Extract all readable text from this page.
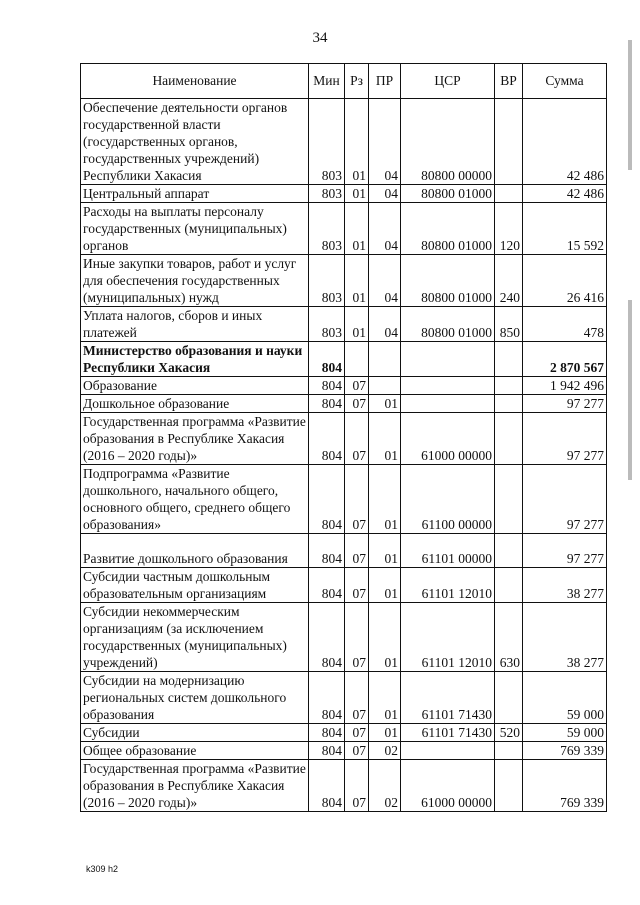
34
Наименование	Мин	Рз	ПР	ЦСР	ВР	Сумма
Обеспечение деятельности органов государственной власти (государственных органов, государственных учреждений) Республики Хакасия	803	01	04	80800 00000		42 486
Центральный аппарат	803	01	04	80800 01000		42 486
Расходы на выплаты персоналу государственных (муниципальных) органов	803	01	04	80800 01000	120	15 592
Иные закупки товаров, работ и услуг для обеспечения государственных (муниципальных) нужд	803	01	04	80800 01000	240	26 416
Уплата налогов, сборов и иных платежей	803	01	04	80800 01000	850	478
Министерство образования и науки Республики Хакасия	804					2 870 567
Образование	804	07				1 942 496
Дошкольное образование	804	07	01			97 277
Государственная программа «Развитие образования в Республике Хакасия (2016 – 2020 годы)»	804	07	01	61000 00000		97 277
Подпрограмма «Развитие дошкольного, начального общего, основного общего, среднего общего образования»	804	07	01	61100 00000		97 277
Развитие дошкольного образования	804	07	01	61101 00000		97 277
Субсидии частным дошкольным образовательным организациям	804	07	01	61101 12010		38 277
Субсидии некоммерческим организациям (за исключением государственных (муниципальных) учреждений)	804	07	01	61101 12010	630	38 277
Субсидии на модернизацию региональных систем дошкольного образования	804	07	01	61101 71430		59 000
Субсидии	804	07	01	61101 71430	520	59 000
Общее образование	804	07	02			769 339
Государственная программа «Развитие образования в Республике Хакасия (2016 – 2020 годы)»	804	07	02	61000 00000		769 339
k309 h2
